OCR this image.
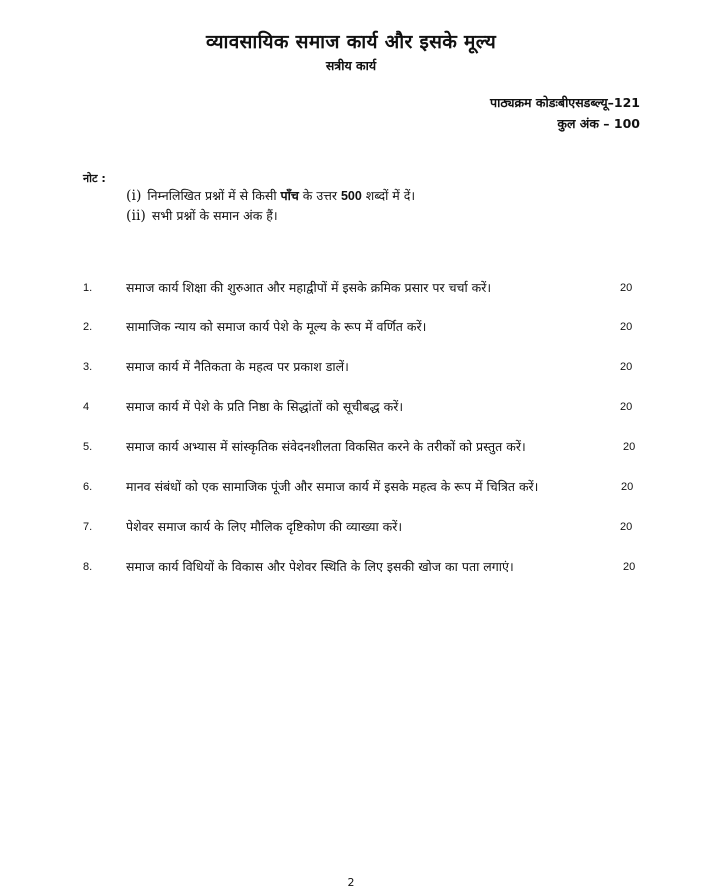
व्यावसायिक समाज कार्य और इसके मूल्य
सत्रीय कार्य
पाठ्यक्रम कोडःबीएसडब्ल्यू–121
कुल अंक – 100
नोट :
(i) निम्नलिखित प्रश्नों में से किसी पाँच के उत्तर 500 शब्दों में दें।
(ii) सभी प्रश्नों के समान अंक हैं।
1.	समाज कार्य शिक्षा की शुरुआत और महाद्वीपों में इसके क्रमिक प्रसार पर चर्चा करें।	20
2.	सामाजिक न्याय को समाज कार्य पेशे के मूल्य के रूप में वर्णित करें।	20
3.	समाज कार्य में नैतिकता के महत्व पर प्रकाश डालें।	20
4	समाज कार्य में पेशे के प्रति निष्ठा के सिद्धांतों को सूचीबद्ध करें।	20
5.	समाज कार्य अभ्यास में सांस्कृतिक संवेदनशीलता विकसित करने के तरीकों को प्रस्तुत करें।	20
6.	मानव संबंधों को एक सामाजिक पूंजी और समाज कार्य में इसके महत्व के रूप में चित्रित करें।	20
7.	पेशेवर समाज कार्य के लिए मौलिक दृष्टिकोण की व्याख्या करें।	20
8.	समाज कार्य विधियों के विकास और पेशेवर स्थिति के लिए इसकी खोज का पता लगाएं।	20
2
